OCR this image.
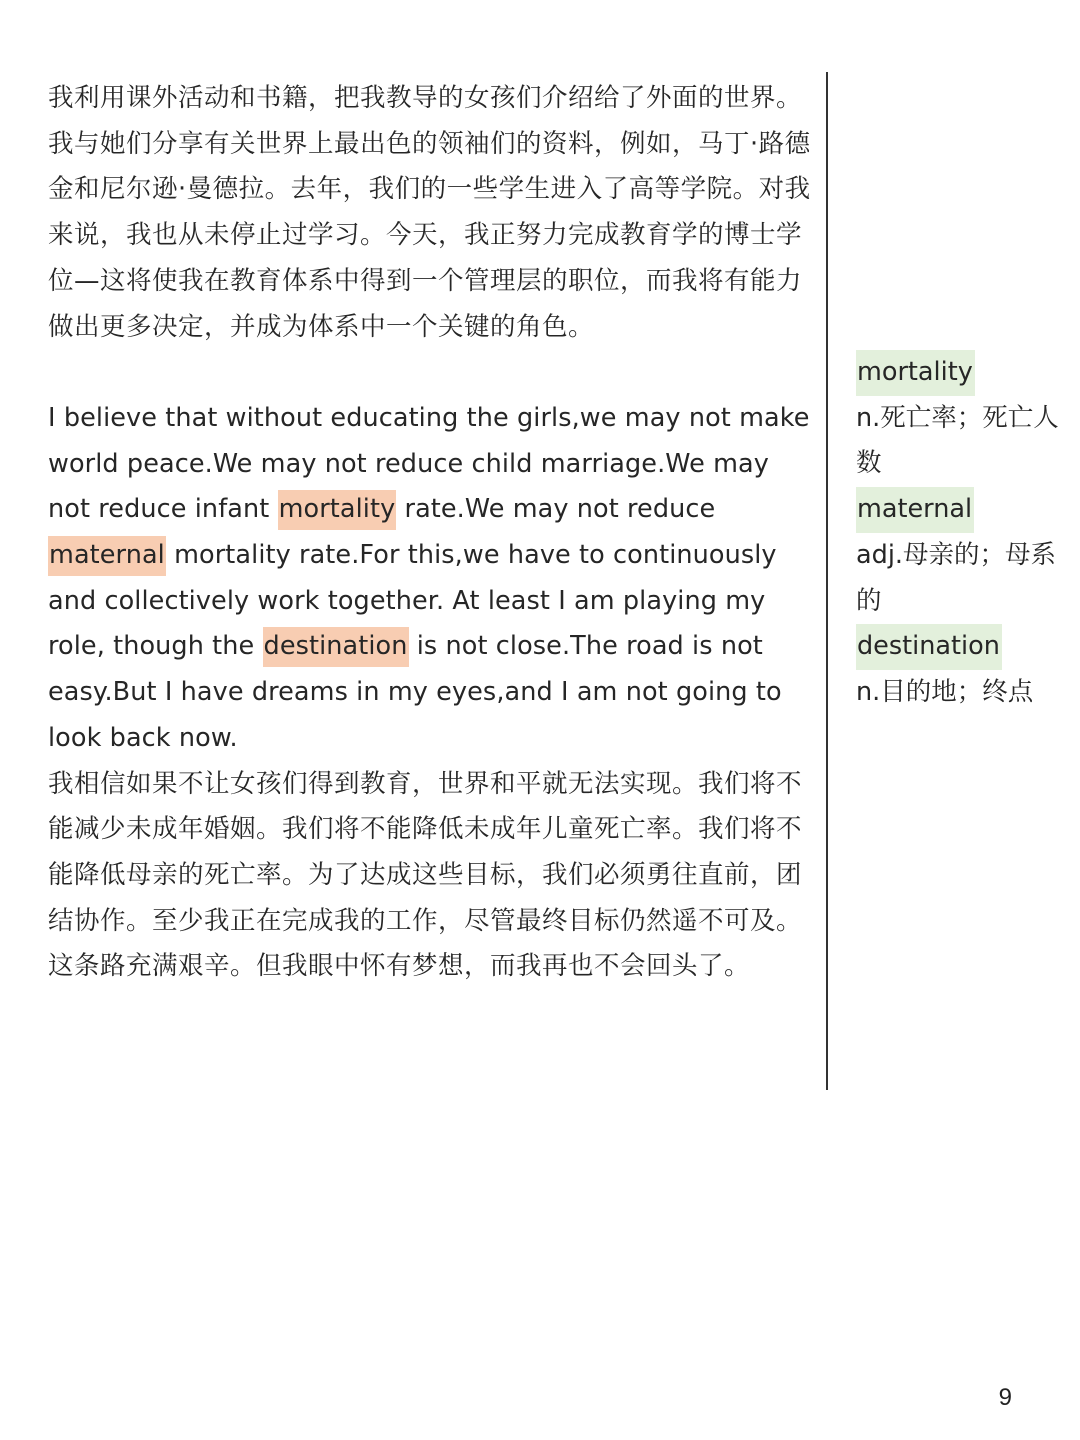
我利用课外活动和书籍，把我教导的女孩们介绍给了外面的世界。我与她们分享有关世界上最出色的领袖们的资料，例如，马丁·路德金和尼尔逊·曼德拉。去年，我们的一些学生进入了高等学院。对我来说，我也从未停止过学习。今天，我正努力完成教育学的博士学位—这将使我在教育体系中得到一个管理层的职位，而我将有能力做出更多决定，并成为体系中一个关键的角色。

I believe that without educating the girls,we may not make world peace.We may not reduce child marriage.We may not reduce infant mortality rate.We may not reduce maternal mortality rate.For this,we have to continuously and collectively work together. At least I am playing my role, though the destination is not close.The road is not easy.But I have dreams in my eyes,and I am not going to look back now.

我相信如果不让女孩们得到教育，世界和平就无法实现。我们将不能减少未成年婚姻。我们将不能降低未成年儿童死亡率。我们将不能降低母亲的死亡率。为了达成这些目标，我们必须勇往直前，团结协作。至少我正在完成我的工作，尽管最终目标仍然遥不可及。这条路充满艰辛。但我眼中怀有梦想，而我再也不会回头了。

mortality
n.死亡率；死亡人数
maternal
adj.母亲的；母系的
destination
n.目的地；终点
9
